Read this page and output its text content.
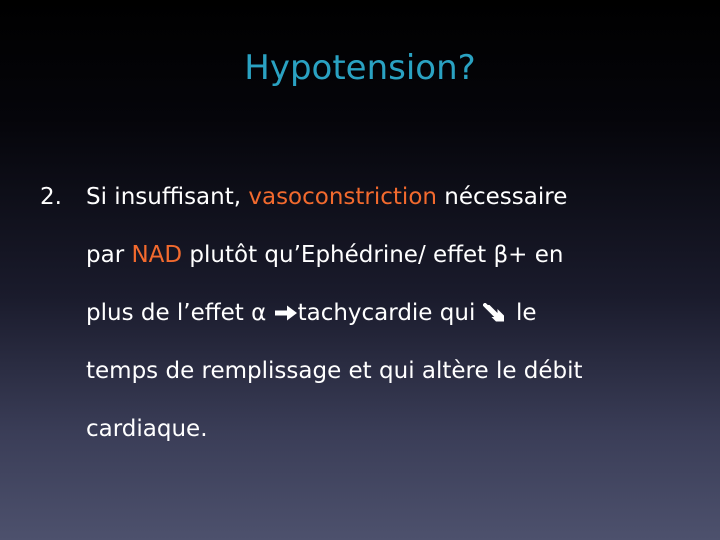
Hypotension?
2. Si insuffisant, vasoconstriction nécessaire
par NAD plutôt qu’Ephédrine/ effet β+ en
plus de l’effet α
tachycardie qui
le
temps de remplissage et qui altère le débit
cardiaque.
